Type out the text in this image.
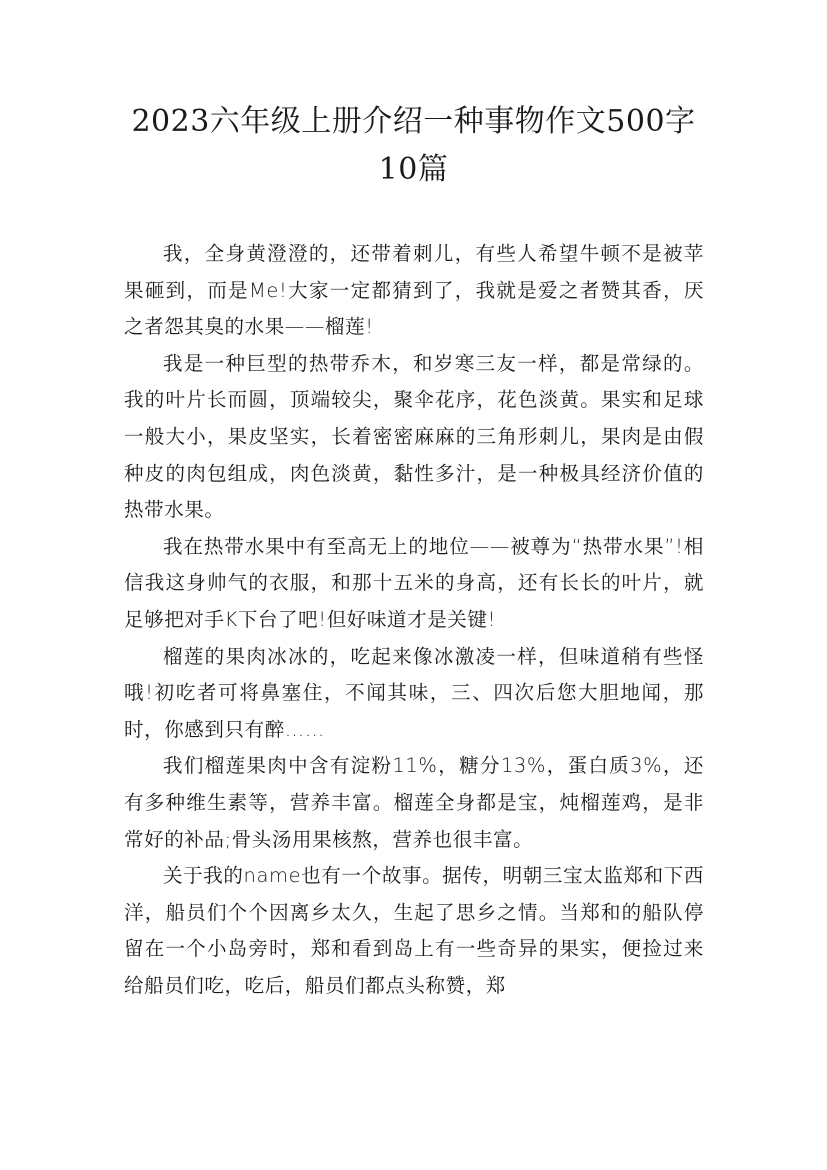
2023六年级上册介绍一种事物作文500字
10篇

我，全身黄澄澄的，还带着刺儿，有些人希望牛顿不是被苹果砸到，而是Me!大家一定都猜到了，我就是爱之者赞其香，厌之者怨其臭的水果——榴莲!

我是一种巨型的热带乔木，和岁寒三友一样，都是常绿的。我的叶片长而圆，顶端较尖，聚伞花序，花色淡黄。果实和足球一般大小，果皮坚实，长着密密麻麻的三角形刺儿，果肉是由假种皮的肉包组成，肉色淡黄，黏性多汁，是一种极具经济价值的热带水果。

我在热带水果中有至高无上的地位——被尊为“热带水果”!相信我这身帅气的衣服，和那十五米的身高，还有长长的叶片，就足够把对手K下台了吧!但好味道才是关键!

榴莲的果肉冰冰的，吃起来像冰激凌一样，但味道稍有些怪哦!初吃者可将鼻塞住，不闻其味，三、四次后您大胆地闻，那时，你感到只有醉……

我们榴莲果肉中含有淀粉11%，糖分13%，蛋白质3%，还有多种维生素等，营养丰富。榴莲全身都是宝，炖榴莲鸡，是非常好的补品;骨头汤用果核熬，营养也很丰富。

关于我的name也有一个故事。据传，明朝三宝太监郑和下西洋，船员们个个因离乡太久，生起了思乡之情。当郑和的船队停留在一个小岛旁时，郑和看到岛上有一些奇异的果实，便捡过来给船员们吃，吃后，船员们都点头称赞，郑
